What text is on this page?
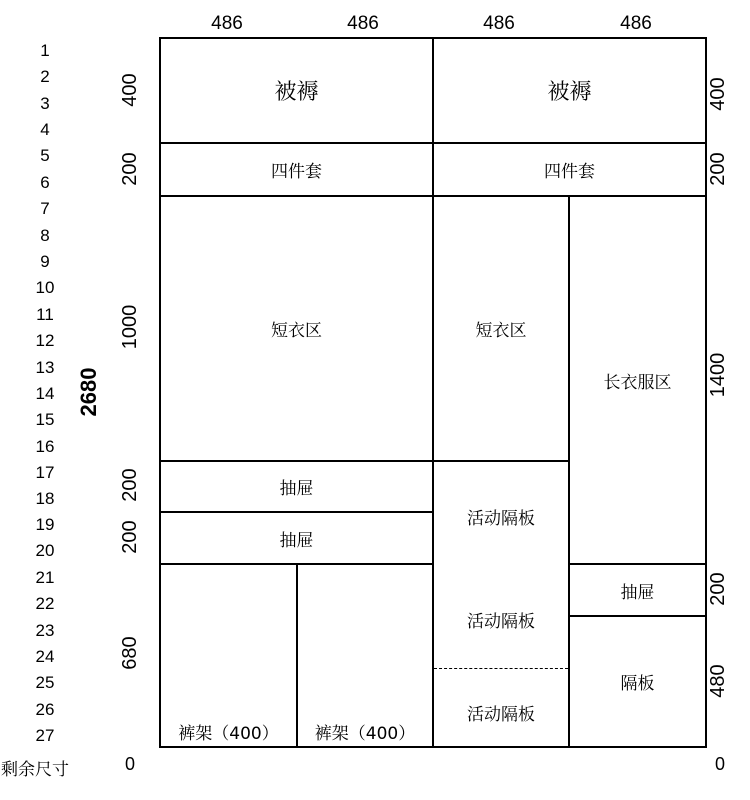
486	486	486	486
1
2
3
4
5
6
7
8
9
10
11
12
13
14
15
16
17
18
19
20
21
22
23
24
25
26
27
2680
400
200
1000
200
200
680
400
200
1400
200
480
剩余尺寸	0	0
被褥	被褥
四件套	四件套
短衣区
抽屉
抽屉
裤架（400） 裤架（400）
短衣区
活动隔板
活动隔板
活动隔板
长衣服区
抽屉
隔板
